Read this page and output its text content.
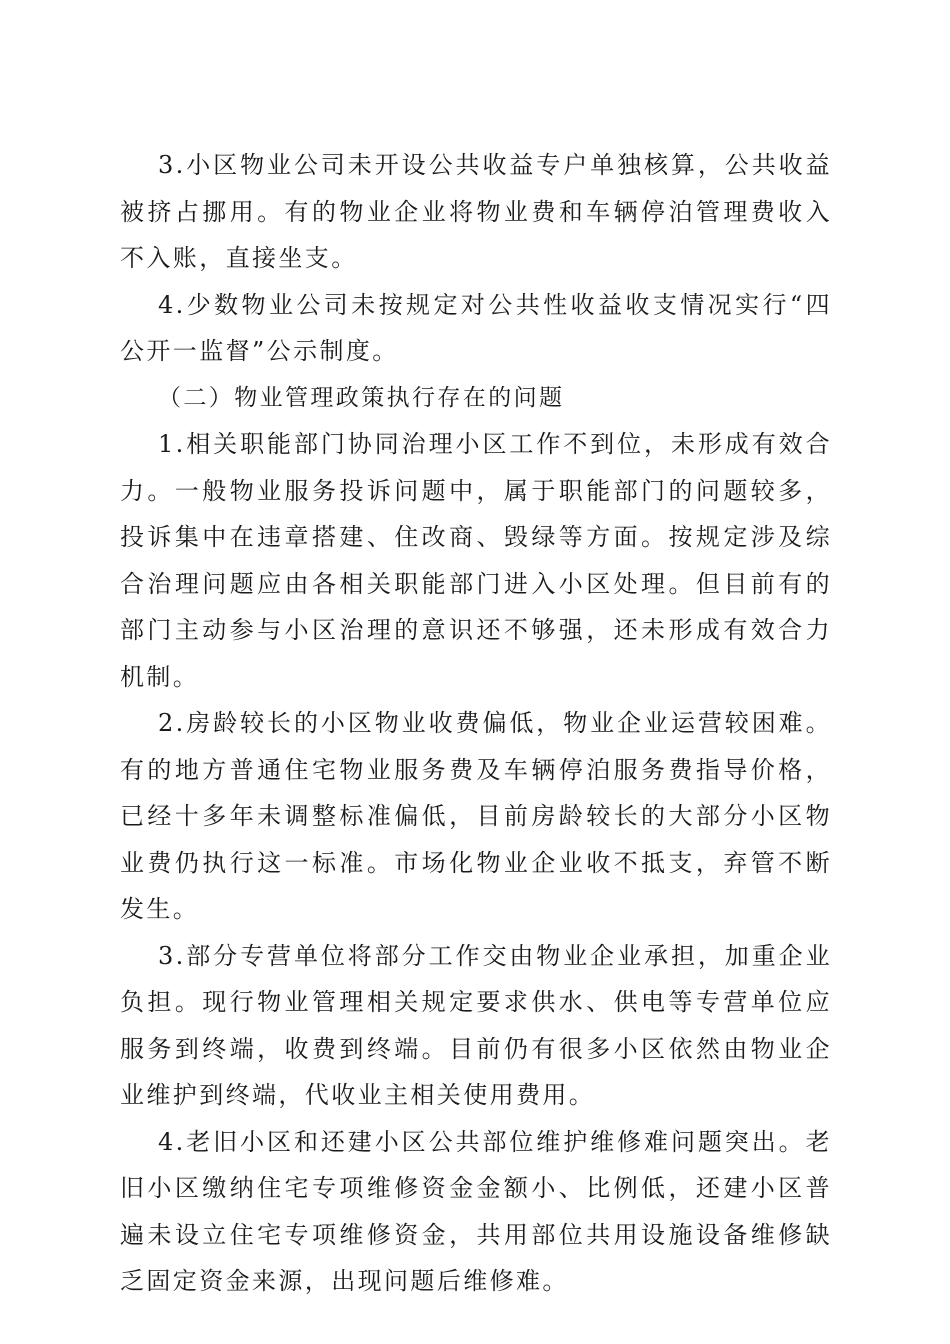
3.小区物业公司未开设公共收益专户单独核算，公共收益被挤占挪用。有的物业企业将物业费和车辆停泊管理费收入不入账，直接坐支。

4.少数物业公司未按规定对公共性收益收支情况实行“四公开一监督”公示制度。

（二）物业管理政策执行存在的问题

1.相关职能部门协同治理小区工作不到位，未形成有效合力。一般物业服务投诉问题中，属于职能部门的问题较多，投诉集中在违章搭建、住改商、毁绿等方面。按规定涉及综合治理问题应由各相关职能部门进入小区处理。但目前有的部门主动参与小区治理的意识还不够强，还未形成有效合力机制。

2.房龄较长的小区物业收费偏低，物业企业运营较困难。有的地方普通住宅物业服务费及车辆停泊服务费指导价格，已经十多年未调整标准偏低，目前房龄较长的大部分小区物业费仍执行这一标准。市场化物业企业收不抵支，弃管不断发生。

3.部分专营单位将部分工作交由物业企业承担，加重企业负担。现行物业管理相关规定要求供水、供电等专营单位应服务到终端，收费到终端。目前仍有很多小区依然由物业企业维护到终端，代收业主相关使用费用。

4.老旧小区和还建小区公共部位维护维修难问题突出。老旧小区缴纳住宅专项维修资金金额小、比例低，还建小区普遍未设立住宅专项维修资金，共用部位共用设施设备维修缺乏固定资金来源，出现问题后维修难。
